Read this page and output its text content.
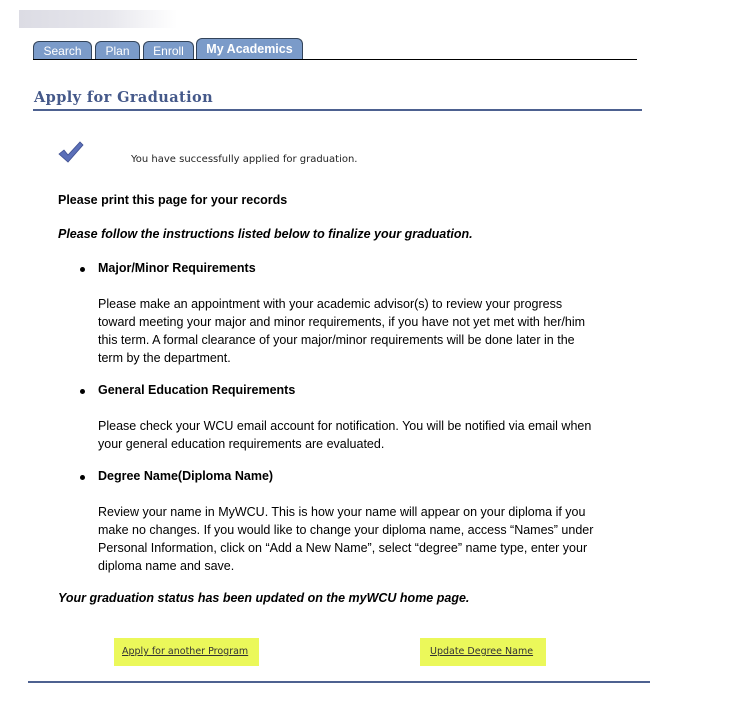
Search	Plan	Enroll	My Academics
Apply for Graduation
You have successfully applied for graduation.
Please print this page for your records
Please follow the instructions listed below to finalize your graduation.
Major/Minor Requirements
Please make an appointment with your academic advisor(s) to review your progress toward meeting your major and minor requirements, if you have not yet met with her/him this term. A formal clearance of your major/minor requirements will be done later in the term by the department.
General Education Requirements
Please check your WCU email account for notification. You will be notified via email when your general education requirements are evaluated.
Degree Name(Diploma Name)
Review your name in MyWCU. This is how your name will appear on your diploma if you make no changes. If you would like to change your diploma name, access “Names” under Personal Information, click on “Add a New Name”, select “degree” name type, enter your diploma name and save.
Your graduation status has been updated on the myWCU home page.
Apply for another Program	Update Degree Name
